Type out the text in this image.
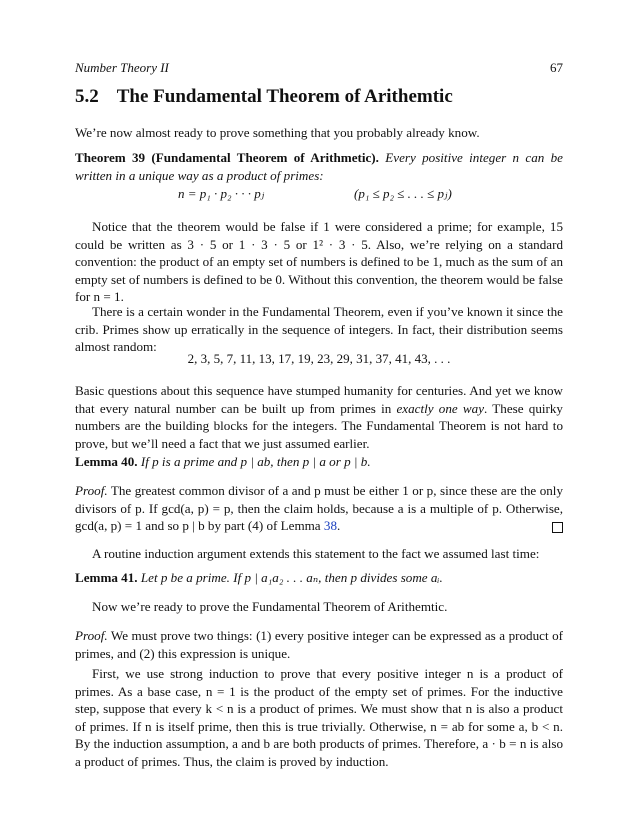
Number Theory II	67
5.2 The Fundamental Theorem of Arithemtic

We’re now almost ready to prove something that you probably already know.

Theorem 39 (Fundamental Theorem of Arithmetic). Every positive integer n can be written in a unique way as a product of primes:

n = p₁ · p₂ · · · pⱼ	(p₁ ≤ p₂ ≤ . . . ≤ pⱼ)

Notice that the theorem would be false if 1 were considered a prime; for example, 15 could be written as 3 · 5 or 1 · 3 · 5 or 1² · 3 · 5. Also, we’re relying on a standard convention: the product of an empty set of numbers is defined to be 1, much as the sum of an empty set of numbers is defined to be 0. Without this convention, the theorem would be false for n = 1.

There is a certain wonder in the Fundamental Theorem, even if you’ve known it since the crib. Primes show up erratically in the sequence of integers. In fact, their distribution seems almost random:

2, 3, 5, 7, 11, 13, 17, 19, 23, 29, 31, 37, 41, 43, . . .

Basic questions about this sequence have stumped humanity for centuries. And yet we know that every natural number can be built up from primes in exactly one way. These quirky numbers are the building blocks for the integers. The Fundamental Theorem is not hard to prove, but we’ll need a fact that we just assumed earlier.

Lemma 40. If p is a prime and p | ab, then p | a or p | b.

Proof. The greatest common divisor of a and p must be either 1 or p, since these are the only divisors of p. If gcd(a, p) = p, then the claim holds, because a is a multiple of p. Otherwise, gcd(a, p) = 1 and so p | b by part (4) of Lemma 38.

A routine induction argument extends this statement to the fact we assumed last time:

Lemma 41. Let p be a prime. If p | a₁a₂ . . . aₙ, then p divides some aᵢ.

Now we’re ready to prove the Fundamental Theorem of Arithemtic.

Proof. We must prove two things: (1) every positive integer can be expressed as a product of primes, and (2) this expression is unique.

First, we use strong induction to prove that every positive integer n is a product of primes. As a base case, n = 1 is the product of the empty set of primes. For the inductive step, suppose that every k < n is a product of primes. We must show that n is also a product of primes. If n is itself prime, then this is true trivially. Otherwise, n = ab for some a, b < n. By the induction assumption, a and b are both products of primes. Therefore, a · b = n is also a product of primes. Thus, the claim is proved by induction.
